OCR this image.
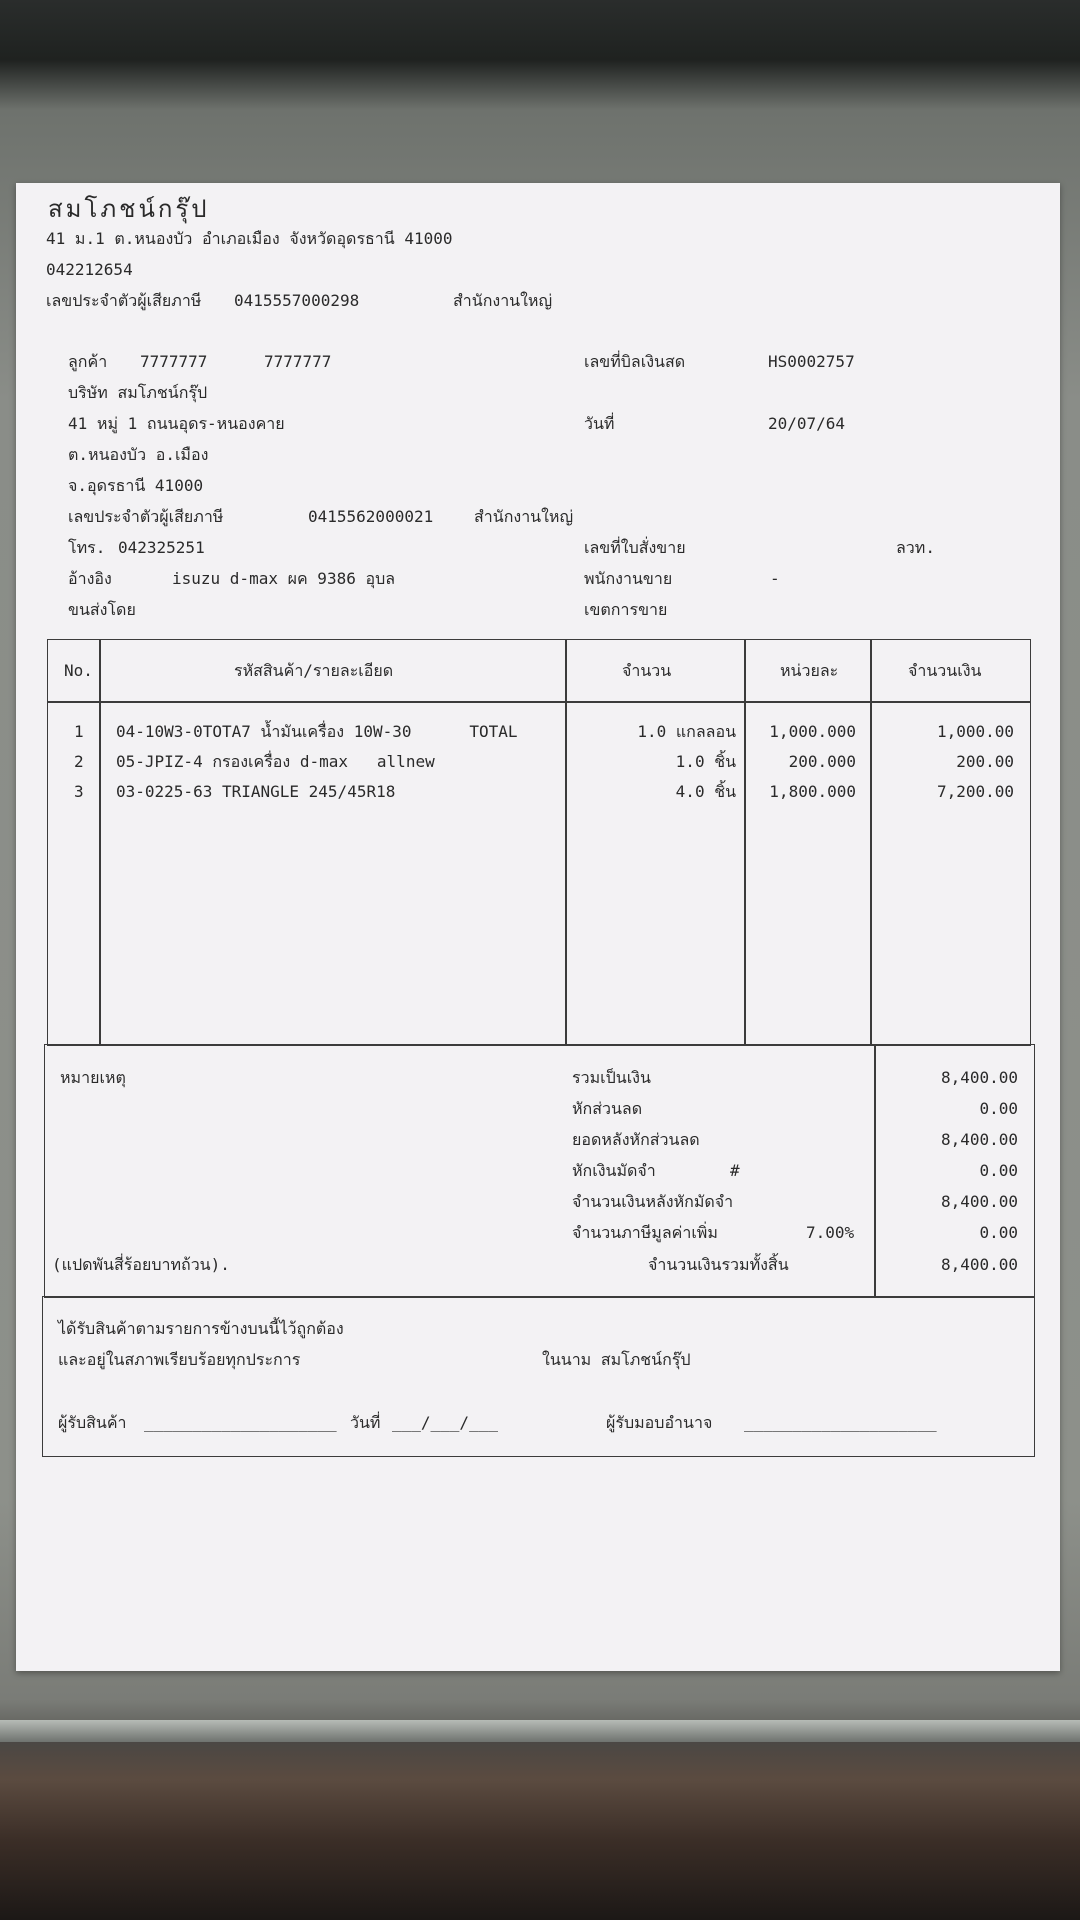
สมโภชน์กรุ๊ป
41 ม.1 ต.หนองบัว อำเภอเมือง จังหวัดอุดรธานี 41000
042212654
เลขประจำตัวผู้เสียภาษี 0415557000298	สำนักงานใหญ่
ลูกค้า 7777777	7777777
บริษัท สมโภชน์กรุ๊ป
41 หมู่ 1 ถนนอุดร-หนองคาย
ต.หนองบัว อ.เมือง
จ.อุดรธานี 41000
เลขประจำตัวผู้เสียภาษี	0415562000021	สำนักงานใหญ่
โทร. 042325251
อ้างอิง	isuzu d-max ผค 9386 อุบล
ขนส่งโดย
เลขที่บิลเงินสด	HS0002757
วันที่	20/07/64
เลขที่ใบสั่งขาย	ลวท.
พนักงานขาย	-
เขตการขาย
No.	รหัสสินค้า/รายละเอียด	จำนวน	หน่วยละ	จำนวนเงิน
1 04-10W3-0TOTA7 น้ำมันเครื่อง 10W-30      TOTAL	1.0 แกลลอน	1,000.000	1,000.00
2 05-JPIZ-4 กรองเครื่อง d-max   allnew	1.0 ชิ้น	200.000	200.00
3 03-0225-63 TRIANGLE 245/45R18	4.0 ชิ้น	1,800.000	7,200.00
หมายเหตุ
(แปดพันสี่ร้อยบาทถ้วน).
รวมเป็นเงิน	8,400.00
หักส่วนลด	0.00
ยอดหลังหักส่วนลด	8,400.00
หักเงินมัดจำ	#	0.00
จำนวนเงินหลังหักมัดจำ	8,400.00
จำนวนภาษีมูลค่าเพิ่ม	7.00%	0.00
จำนวนเงินรวมทั้งสิ้น	8,400.00
ได้รับสินค้าตามรายการข้างบนนี้ไว้ถูกต้อง
และอยู่ในสภาพเรียบร้อยทุกประการ	ในนาม สมโภชน์กรุ๊ป
ผู้รับสินค้า ____________________ วันที่ ___/___/___	ผู้รับมอบอำนาจ ____________________
